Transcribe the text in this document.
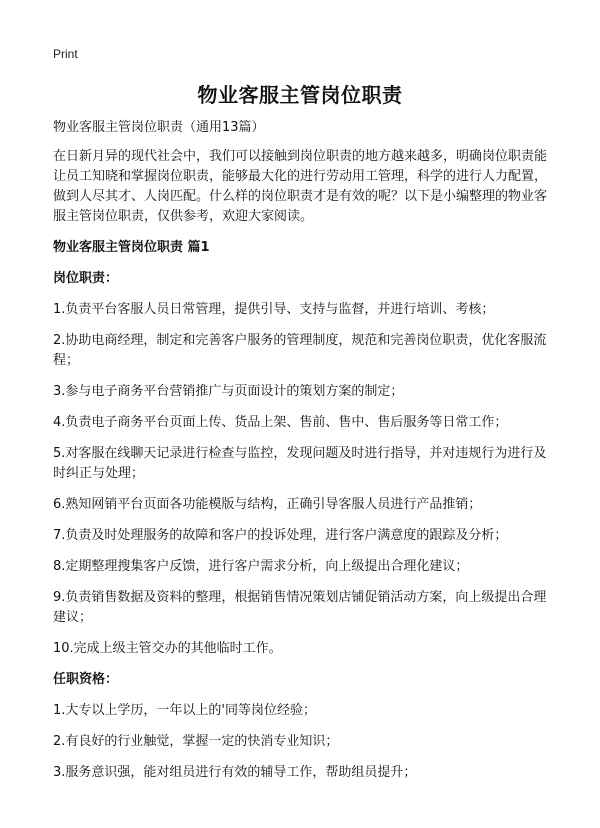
Print
物业客服主管岗位职责

物业客服主管岗位职责（通用13篇）

在日新月异的现代社会中，我们可以接触到岗位职责的地方越来越多，明确岗位职责能让员工知晓和掌握岗位职责，能够最大化的进行劳动用工管理，科学的进行人力配置，做到人尽其才、人岗匹配。什么样的岗位职责才是有效的呢？以下是小编整理的物业客服主管岗位职责，仅供参考，欢迎大家阅读。

物业客服主管岗位职责 篇1

岗位职责：

1.负责平台客服人员日常管理，提供引导、支持与监督，并进行培训、考核；
2.协助电商经理，制定和完善客户服务的管理制度，规范和完善岗位职责，优化客服流程；
3.参与电子商务平台营销推广与页面设计的策划方案的制定；
4.负责电子商务平台页面上传、货品上架、售前、售中、售后服务等日常工作；
5.对客服在线聊天记录进行检查与监控，发现问题及时进行指导，并对违规行为进行及时纠正与处理；
6.熟知网销平台页面各功能模版与结构，正确引导客服人员进行产品推销；
7.负责及时处理服务的故障和客户的投诉处理，进行客户满意度的跟踪及分析；
8.定期整理搜集客户反馈，进行客户需求分析，向上级提出合理化建议；
9.负责销售数据及资料的整理，根据销售情况策划店铺促销活动方案，向上级提出合理建议；
10.完成上级主管交办的其他临时工作。

任职资格：

1.大专以上学历，一年以上的'同等岗位经验；
2.有良好的行业触觉，掌握一定的快消专业知识；
3.服务意识强，能对组员进行有效的辅导工作，帮助组员提升；
